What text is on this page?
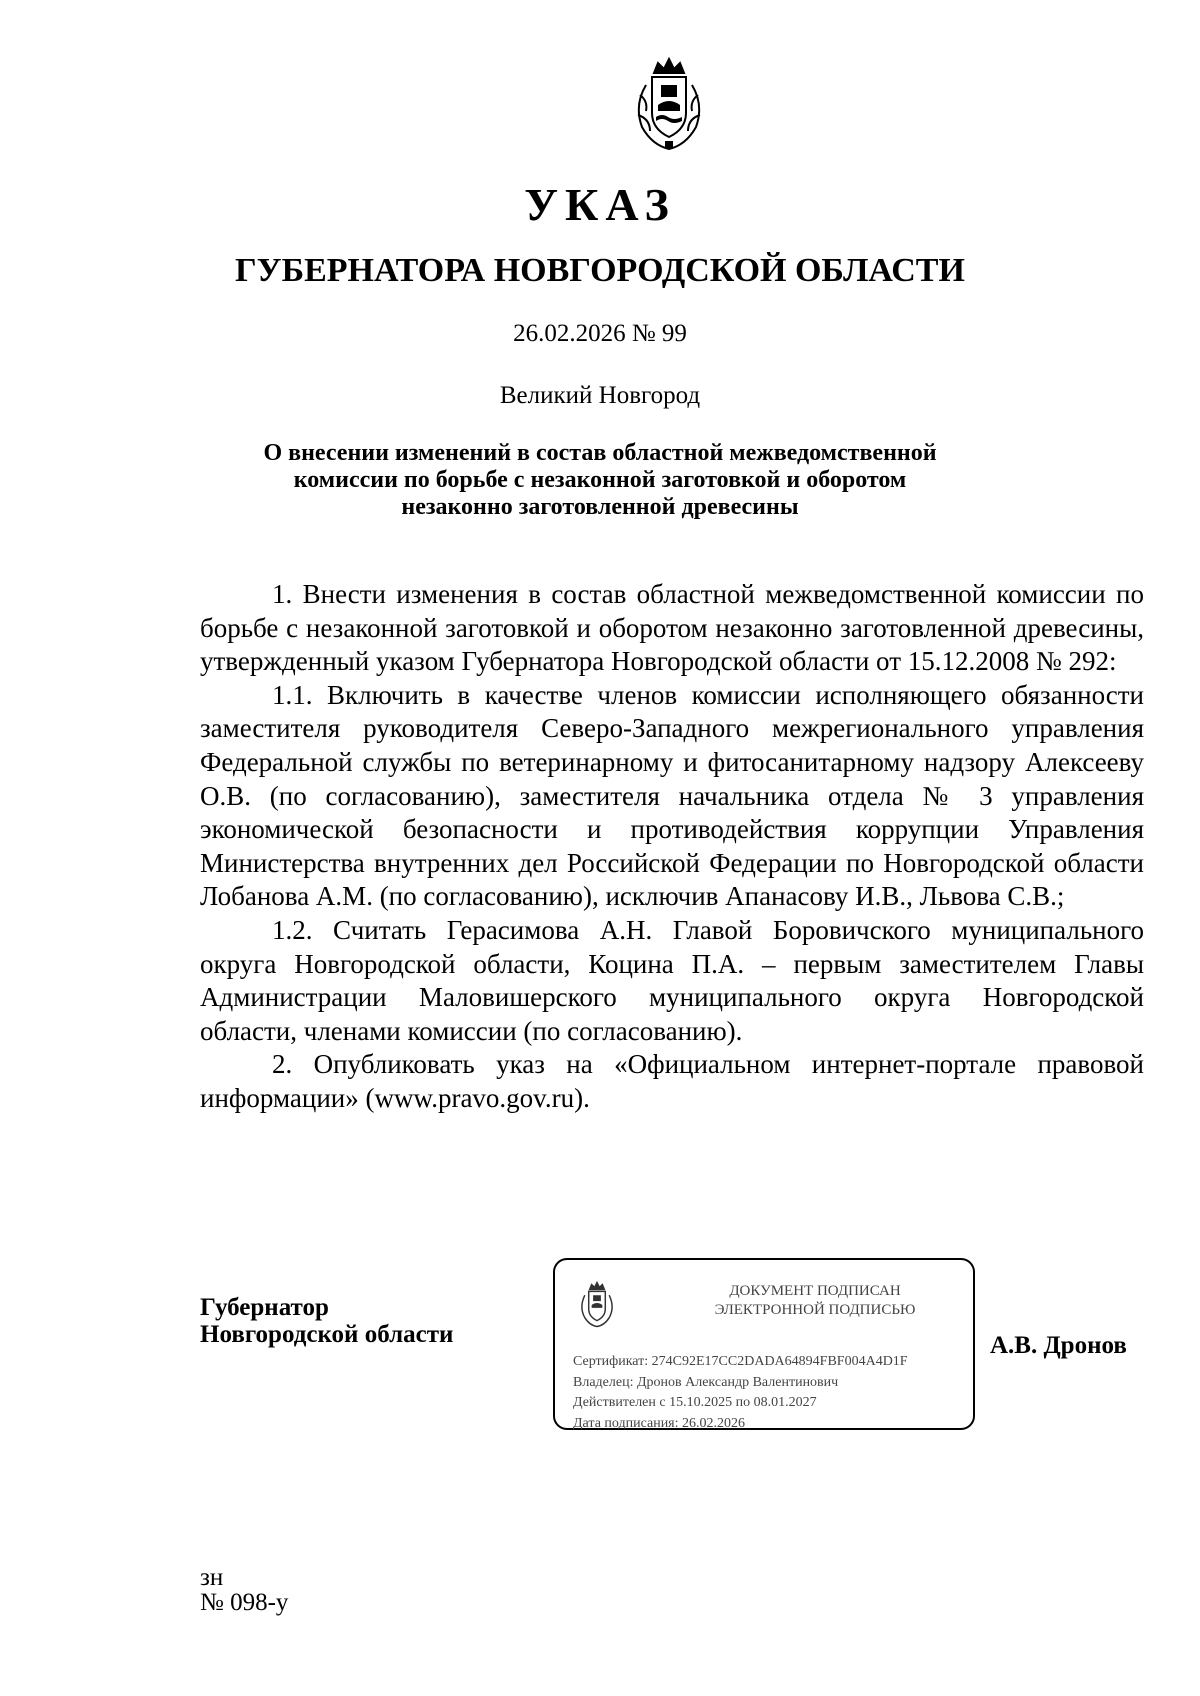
УКАЗ
ГУБЕРНАТОРА НОВГОРОДСКОЙ ОБЛАСТИ
26.02.2026 № 99
Великий Новгород
О внесении изменений в состав областной межведомственной
комиссии по борьбе с незаконной заготовкой и оборотом
незаконно заготовленной древесины

1. Внести изменения в состав областной межведомственной комиссии по борьбе с незаконной заготовкой и оборотом незаконно заготовленной древесины, утвержденный указом Губернатора Новгородской области от 15.12.2008 № 292:

1.1. Включить в качестве членов комиссии исполняющего обязанности заместителя руководителя Северо-Западного межрегионального управления Федеральной службы по ветеринарному и фитосанитарному надзору Алексееву О.В. (по согласованию), заместителя начальника отдела № 3 управления экономической безопасности и противодействия коррупции Управления Министерства внутренних дел Российской Федерации по Новгородской области Лобанова А.М. (по согласованию), исключив Апанасову И.В., Львова С.В.;

1.2. Считать Герасимова А.Н. Главой Боровичского муниципального округа Новгородской области, Коцина П.А. – первым заместителем Главы Администрации Маловишерского муниципального округа Новгородской области, членами комиссии (по согласованию).

2. Опубликовать указ на «Официальном интернет-портале правовой информации» (www.pravo.gov.ru).

Губернатор
Новгородской области
ДОКУМЕНТ ПОДПИСАН
ЭЛЕКТРОННОЙ ПОДПИСЬЮ
Сертификат: 274C92E17CC2DADA64894FBF004A4D1F
Владелец: Дронов Александр Валентинович
Действителен с 15.10.2025 по 08.01.2027
Дата подписания: 26.02.2026
А.В. Дронов
зн
№ 098-у
